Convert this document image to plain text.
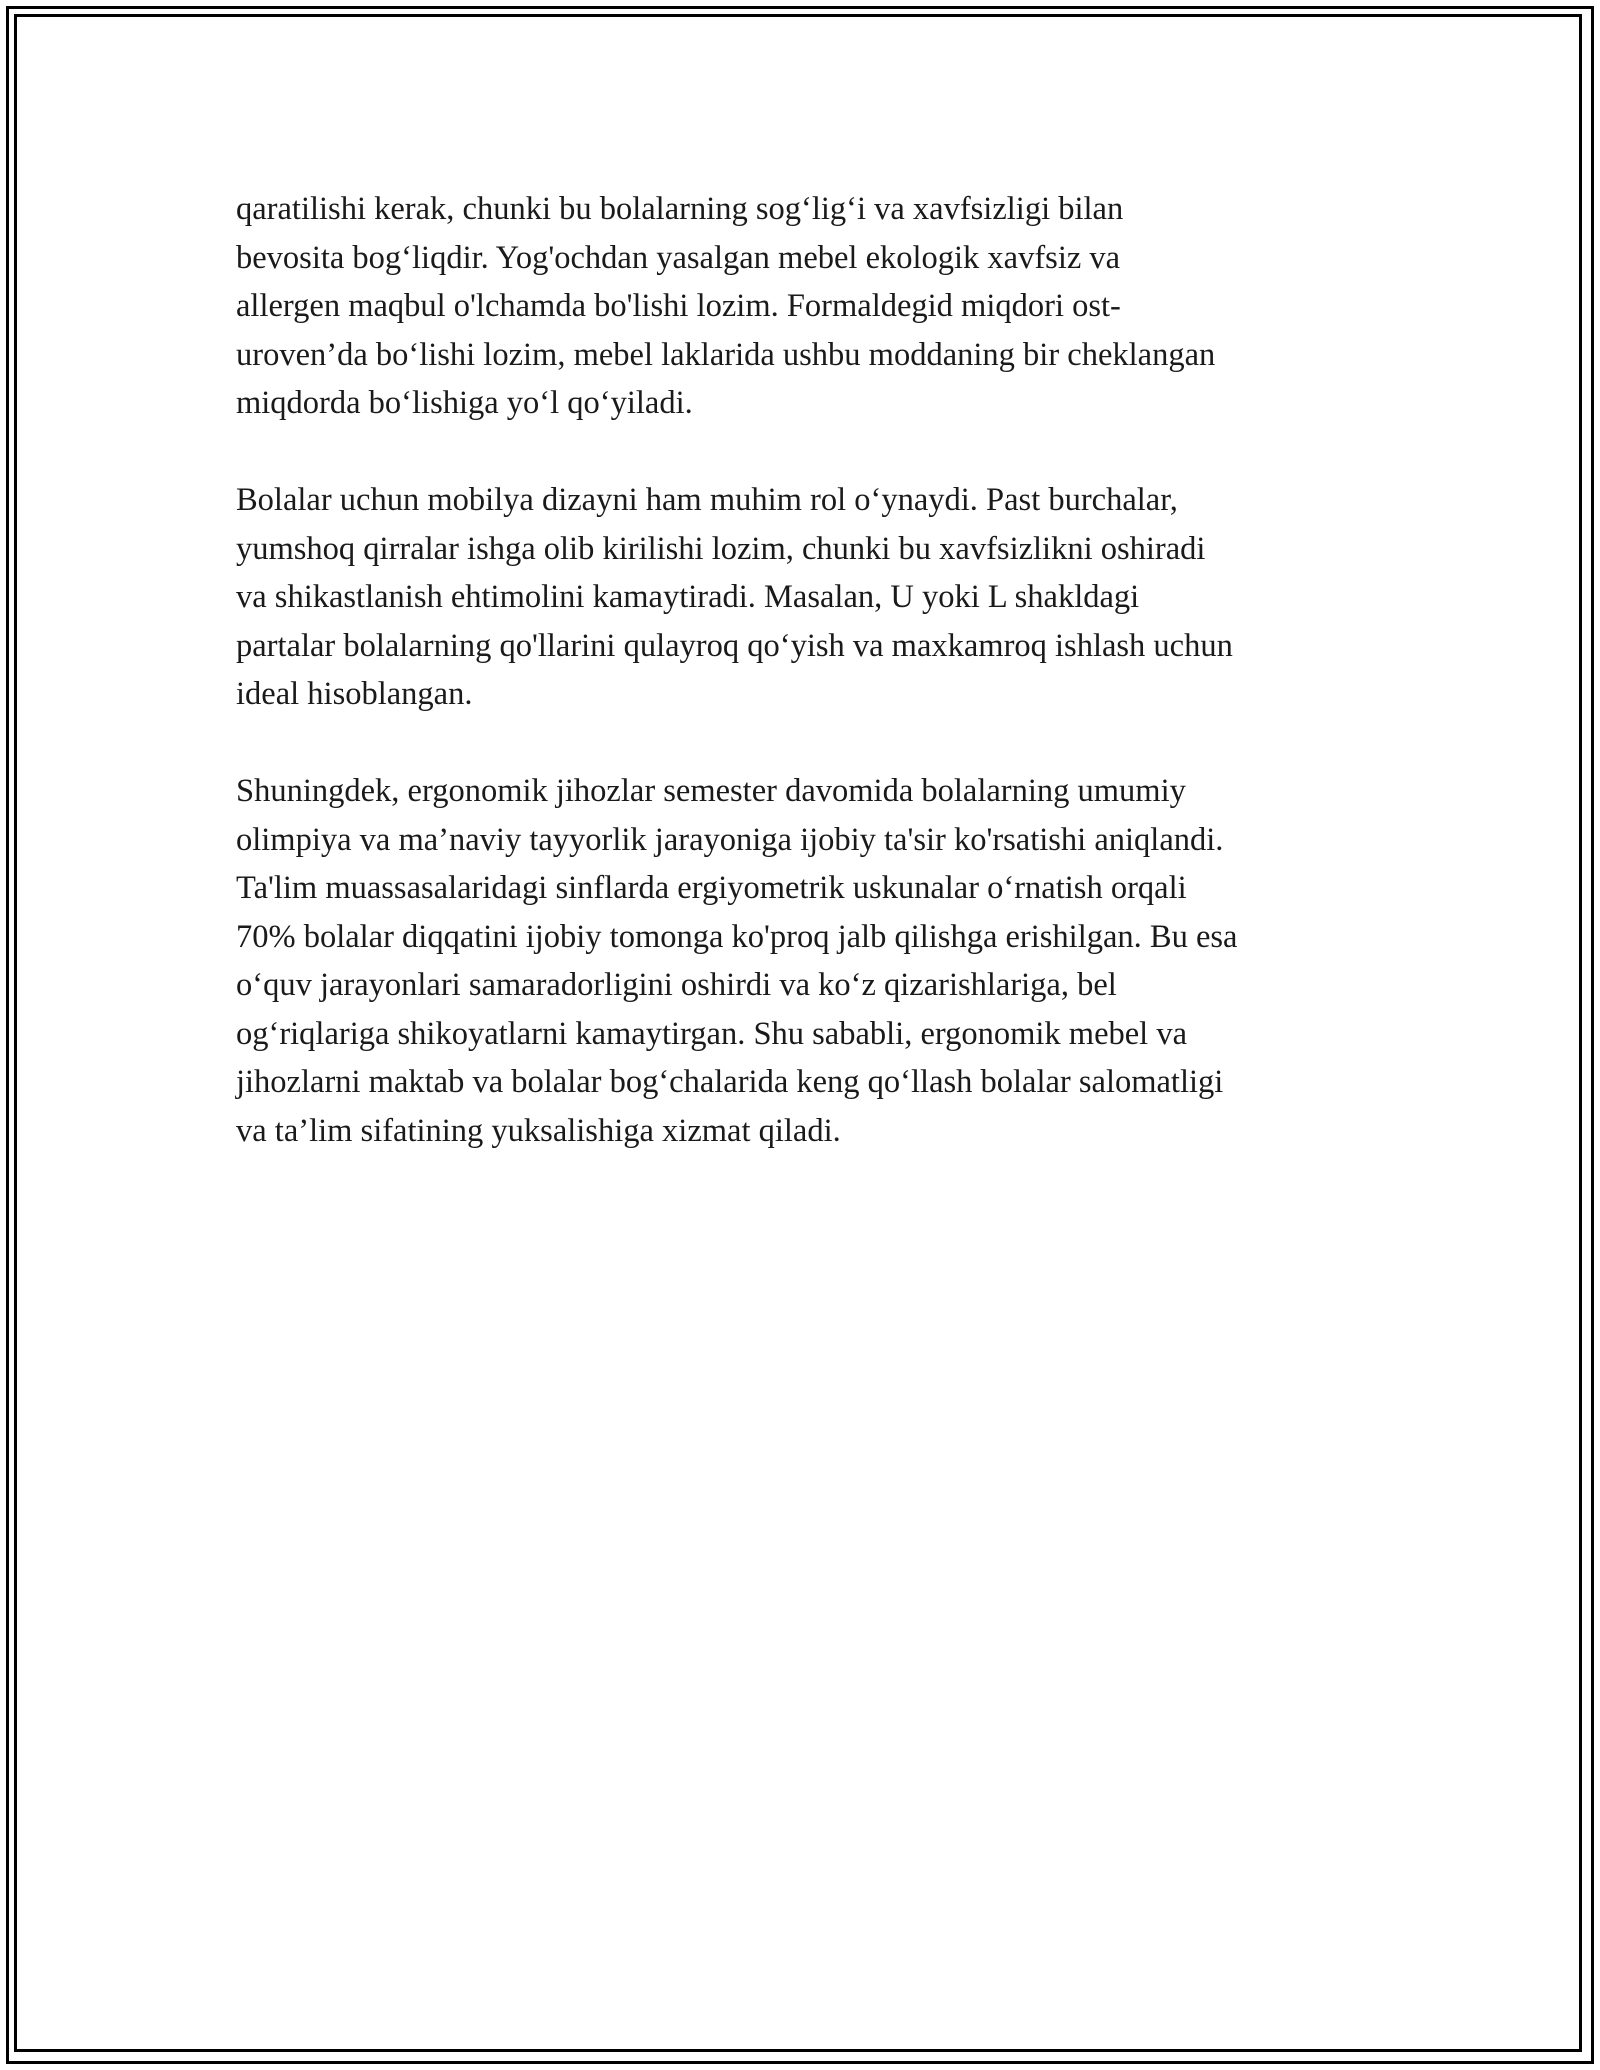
qaratilishi kerak, chunki bu bolalarning sog‘lig‘i va xavfsizligi bilan
bevosita bog‘liqdir. Yog'ochdan yasalgan mebel ekologik xavfsiz va
allergen maqbul o'lchamda bo'lishi lozim. Formaldegid miqdori ost-
uroven’da bo‘lishi lozim, mebel laklarida ushbu moddaning bir cheklangan
miqdorda bo‘lishiga yo‘l qo‘yiladi.

Bolalar uchun mobilya dizayni ham muhim rol o‘ynaydi. Past burchalar,
yumshoq qirralar ishga olib kirilishi lozim, chunki bu xavfsizlikni oshiradi
va shikastlanish ehtimolini kamaytiradi. Masalan, U yoki L shakldagi
partalar bolalarning qo'llarini qulayroq qo‘yish va maxkamroq ishlash uchun
ideal hisoblangan.

Shuningdek, ergonomik jihozlar semester davomida bolalarning umumiy
olimpiya va ma’naviy tayyorlik jarayoniga ijobiy ta'sir ko'rsatishi aniqlandi.
Ta'lim muassasalaridagi sinflarda ergiyometrik uskunalar o‘rnatish orqali
70% bolalar diqqatini ijobiy tomonga ko'proq jalb qilishga erishilgan. Bu esa
o‘quv jarayonlari samaradorligini oshirdi va ko‘z qizarishlariga, bel
og‘riqlariga shikoyatlarni kamaytirgan. Shu sababli, ergonomik mebel va
jihozlarni maktab va bolalar bog‘chalarida keng qo‘llash bolalar salomatligi
va ta’lim sifatining yuksalishiga xizmat qiladi.
